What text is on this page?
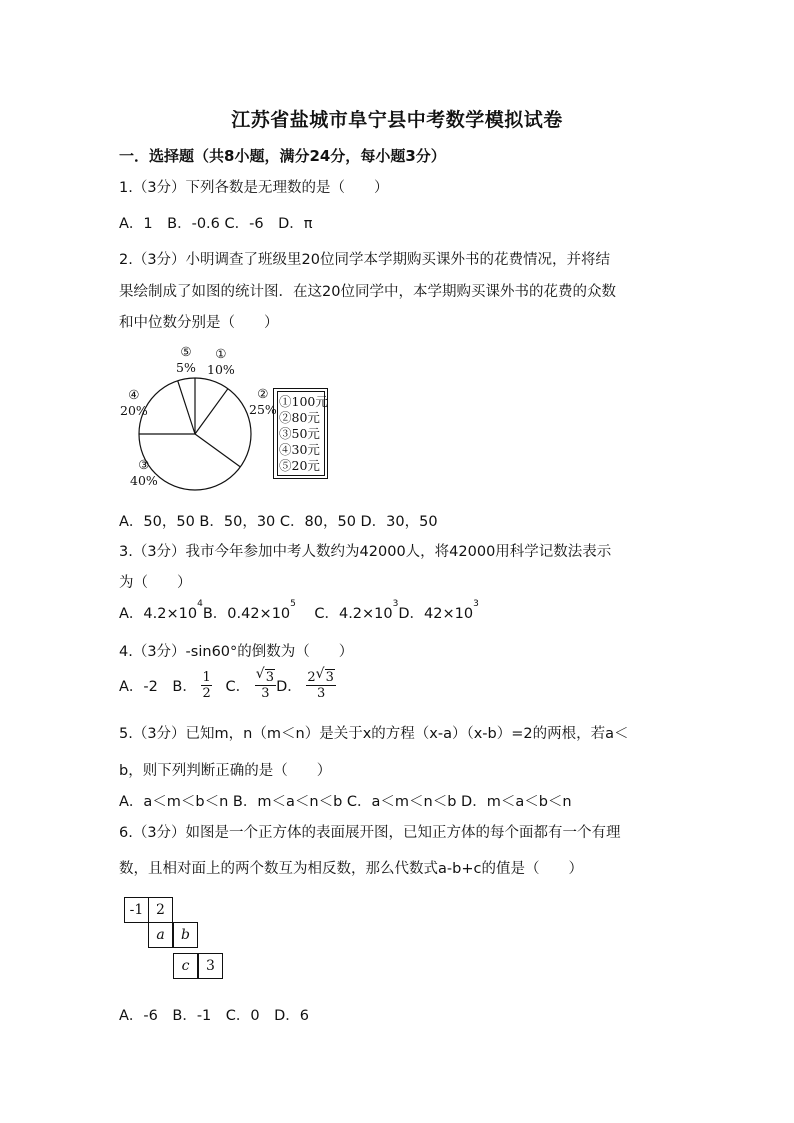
江苏省盐城市阜宁县中考数学模拟试卷
一．选择题（共8小题，满分24分，每小题3分）
1.（3分）下列各数是无理数的是（　　）
A．1　B．-0.6 C．-6　D．π
2.（3分）小明调查了班级里20位同学本学期购买课外书的花费情况，并将结
果绘制成了如图的统计图．在这20位同学中，本学期购买课外书的花费的众数
和中位数分别是（　　）
⑤
5%
①
10%
②
25%
④
20%
③
40%
①100元
②80元
③50元
④30元
⑤20元
A．50，50 B．50，30 C．80，50 D．30，50
3.（3分）我市今年参加中考人数约为42000人，将42000用科学记数法表示
为（　　）
A．$4.2\times 10^4B$．$0.42\times 10^5$    C．$4.2\times 10^3D$．$42\times 10^3$
4.（3分）-sin60°的倒数为（　　）
A．-2　B． $\frac{1}{2}$ C． $\frac{√ 3}{3}$ D． $\frac{2 √ 3}{3}$
5.（3分）已知m，n（m＜n）是关于x的方程（x-a）（x-b）=2的两根，若a＜
b，则下列判断正确的是（　　）
A．a＜m＜b＜n B．m＜a＜n＜b C．a＜m＜n＜b D．m＜a＜b＜n
6.（3分）如图是一个正方体的表面展开图，已知正方体的每个面都有一个有理
数，且相对面上的两个数互为相反数，那么代数式a-b+c的值是（　　）
-1 2
a	b
c	3
A．-6　B．-1　C．0　D．6
